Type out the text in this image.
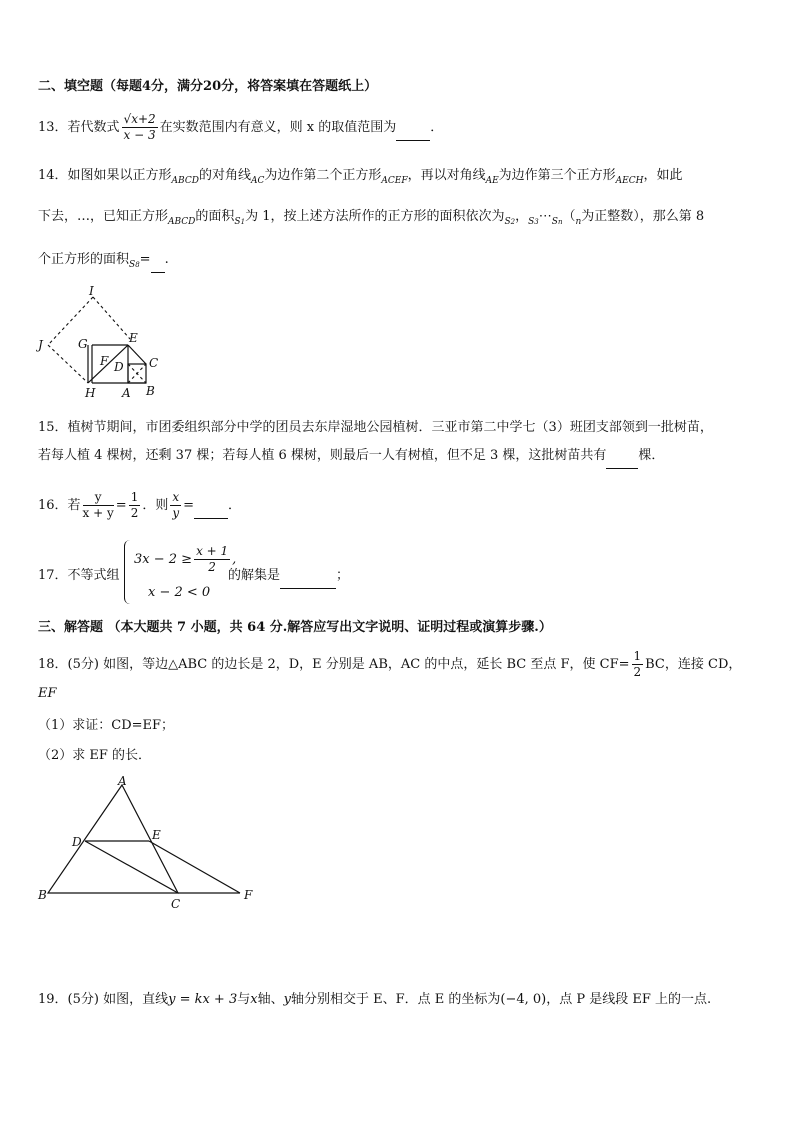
二、填空题（每题4分，满分20分，将答案填在答题纸上）
13．若代数式 $\frac{√x+2}{x - 3}$ 在实数范围内有意义，则 x 的取值范围为	．
14．如图如果以正方形$_{ABCD}$的对角线$_{AC}$为边作第二个正方形$_{ACEF}$，再以对角线$_{AE}$为边作第三个正方形$_{AECH}$，如此
下去，…，已知正方形$_{ABCD}$的面积$_{S1}$为 1，按上述方法所作的正方形的面积依次为$_{S2}$，$_{S3}\cdots_{Sn}(_n$为正整数），那么第 8
个正方形的面积$_{S8}$= .
I
J	G	E
F D C
H A B
15．植树节期间，市团委组织部分中学的团员去东岸湿地公园植树．三亚市第二中学七（3）班团支部领到一批树苗，
若每人植 4 棵树，还剩 37 棵；若每人植 6 棵树，则最后一人有树植，但不足 3 棵，这批树苗共有 棵．
16．若 $\frac{y}{x + y} = \frac{1}{2}$ ．则 $\frac{x}{y}$ =	．
17．不等式组
$3x - 2 \ge \frac{x + 1}{2}$ ,
x − 2 < 0
的解集是	；
三、解答题 （本大题共 7 小题，共 64 分.解答应写出文字说明、证明过程或演算步骤.）
18．(5分) 如图，等边△ABC 的边长是 2，D，E 分别是 AB，AC 的中点，延长 BC 至点 F，使 $CF= \frac{1}{2}$ BC，连接 CD，
EF
（1）求证：CD=EF；
（2）求 EF 的长．
A
D	E
B
C
F
19．(5分) 如图，直线y = kx + 3与x轴、y轴分别相交于 E、F．点 E 的坐标为(−4, 0)，点 P 是线段 EF 上的一点.
